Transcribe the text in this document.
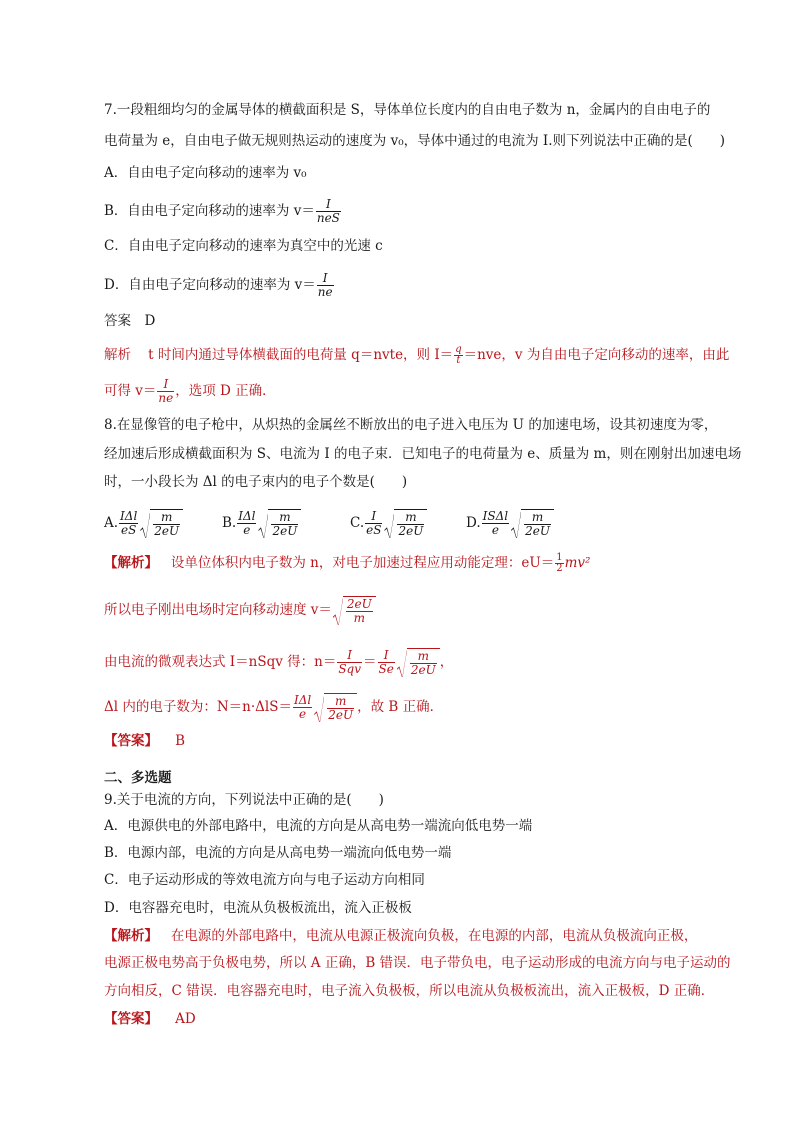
7.一段粗细均匀的金属导体的横截面积是 S，导体单位长度内的自由电子数为 n，金属内的自由电子的
电荷量为 e，自由电子做无规则热运动的速度为 v₀，导体中通过的电流为 I.则下列说法中正确的是(　　)
A．自由电子定向移动的速率为 v₀
B．自由电子定向移动的速率为 $v= \frac{I}{\text{neS}}$
C．自由电子定向移动的速率为真空中的光速 c
D．自由电子定向移动的速率为 $v= \frac{I}{ne}$
答案　D
解析 t 时间内通过导体横截面的电荷量 q＝nvte，则 $I= \frac{q}{t} =nve$，v 为自由电子定向移动的速率，由此
可得 $v= \frac{I}{ne}$ ，选项 D 正确．
8.在显像管的电子枪中，从炽热的金属丝不断放出的电子进入电压为 U 的加速电场，设其初速度为零，
经加速后形成横截面积为 S、电流为 I 的电子束．已知电子的电荷量为 e、质量为 m，则在刚射出加速电场
时，一小段长为 Δl 的电子束内的电子个数是(　　)
A. $\frac{\text{IΔl}}{eS} \frac{m}{2eU}$	B. $\frac{\text{IΔl}}{e} \frac{m}{2eU}$	C. $\frac{I}{eS} \frac{m}{2eU}$	D. $\frac{\text{ISΔl}}{e} \frac{m}{2eU}$
【解析】 设单位体积内电子数为 n，对电子加速过程应用动能定理：$eU= \frac{1}{2} mv^2$
所以电子刚出电场时定向移动速度 $v= \frac{2eU}{m}$
由电流的微观表达式 I＝nSqv 得：$n= \frac{I}{\text{Sqv}} = \frac{I}{Se} \frac{m}{2eU}$ ，
Δl 内的电子数为：$N=n\cdot\Delta lS= \frac{\text{IΔl}}{e} \frac{m}{2eU}$ ，故 B 正确．
【答案】 B
二、多选题
9.关于电流的方向，下列说法中正确的是(　　)
A．电源供电的外部电路中，电流的方向是从高电势一端流向低电势一端
B．电源内部，电流的方向是从高电势一端流向低电势一端
C．电子运动形成的等效电流方向与电子运动方向相同
D．电容器充电时，电流从负极板流出，流入正极板
【解析】 在电源的外部电路中，电流从电源正极流向负极，在电源的内部，电流从负极流向正极，
电源正极电势高于负极电势，所以 A 正确，B 错误．电子带负电，电子运动形成的电流方向与电子运动的
方向相反，C 错误．电容器充电时，电子流入负极板，所以电流从负极板流出，流入正极板，D 正确．
【答案】 AD
